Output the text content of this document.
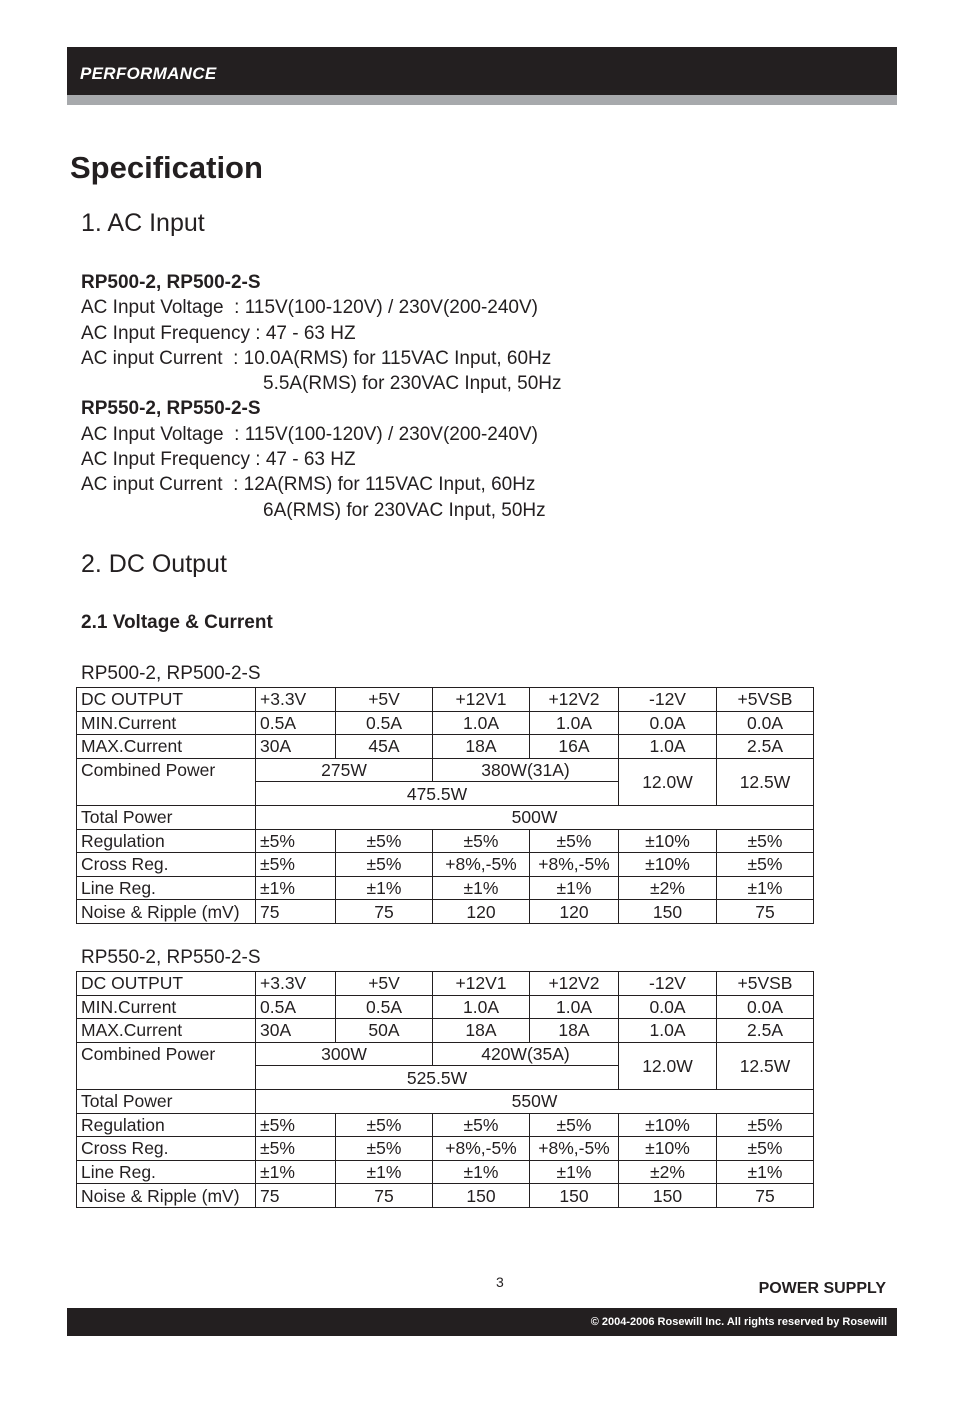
PERFORMANCE
Specification
1. AC Input
RP500-2, RP500-2-S
AC Input Voltage  : 115V(100-120V) / 230V(200-240V)
AC Input Frequency : 47 - 63 HZ
AC input Current  : 10.0A(RMS) for 115VAC Input, 60Hz
5.5A(RMS) for 230VAC Input, 50Hz
RP550-2, RP550-2-S
AC Input Voltage  : 115V(100-120V) / 230V(200-240V)
AC Input Frequency : 47 - 63 HZ
AC input Current  : 12A(RMS) for 115VAC Input, 60Hz
6A(RMS) for 230VAC Input, 50Hz
2. DC Output
2.1 Voltage & Current
RP500-2, RP500-2-S
DC OUTPUT	+3.3V	+5V	+12V1	+12V2	-12V	+5VSB
MIN.Current	0.5A	0.5A	1.0A	1.0A	0.0A	0.0A
MAX.Current	30A	45A	18A	16A	1.0A	2.5A
Combined Power	275W		380W(31A)		12.0W	12.5W
	475.5W					
Total Power	500W					
Regulation	±5%	±5%	±5%	±5%	±10%	±5%
Cross Reg.	±5%	±5%	+8%,-5%	+8%,-5%	±10%	±5%
Line Reg.	±1%	±1%	±1%	±1%	±2%	±1%
Noise & Ripple (mV)	75	75	120	120	150	75
RP550-2, RP550-2-S
DC OUTPUT	+3.3V	+5V	+12V1	+12V2	-12V	+5VSB
MIN.Current	0.5A	0.5A	1.0A	1.0A	0.0A	0.0A
MAX.Current	30A	50A	18A	18A	1.0A	2.5A
Combined Power	300W		420W(35A)		12.0W	12.5W
	525.5W					
Total Power	550W					
Regulation	±5%	±5%	±5%	±5%	±10%	±5%
Cross Reg.	±5%	±5%	+8%,-5%	+8%,-5%	±10%	±5%
Line Reg.	±1%	±1%	±1%	±1%	±2%	±1%
Noise & Ripple (mV)	75	75	150	150	150	75
3	POWER SUPPLY
© 2004-2006 Rosewill Inc. All rights reserved by Rosewill
